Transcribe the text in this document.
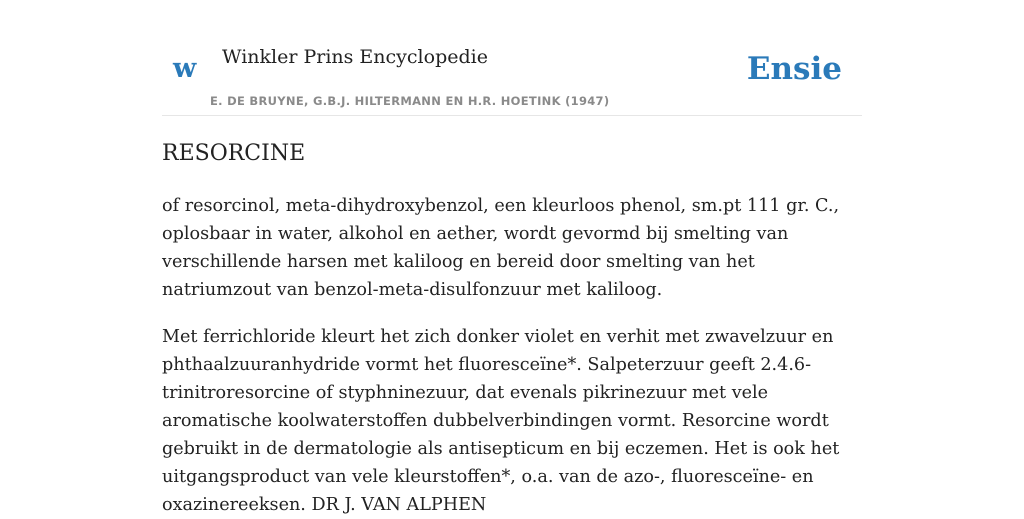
w Winkler Prins Encyclopedie
E. DE BRUYNE, G.B.J. HILTERMANN EN H.R. HOETINK (1947)
Ensie
RESORCINE

of resorcinol, meta-dihydroxybenzol, een kleurloos phenol, sm.pt 111 gr. C., oplosbaar in water, alkohol en aether, wordt gevormd bij smelting van verschillende harsen met kaliloog en bereid door smelting van het natriumzout van benzol-meta-disulfonzuur met kaliloog.

Met ferrichloride kleurt het zich donker violet en verhit met zwavelzuur en phthaalzuuranhydride vormt het fluoresceïne*. Salpeterzuur geeft 2.4.6-trinitroresorcine of styphninezuur, dat evenals pikrinezuur met vele aromatische koolwaterstoffen dubbelverbindingen vormt. Resorcine wordt gebruikt in de dermatologie als antisepticum en bij eczemen. Het is ook het uitgangsproduct van vele kleurstoffen*, o.a. van de azo-, fluoresceïne- en oxazinereeksen. DR J. VAN ALPHEN
